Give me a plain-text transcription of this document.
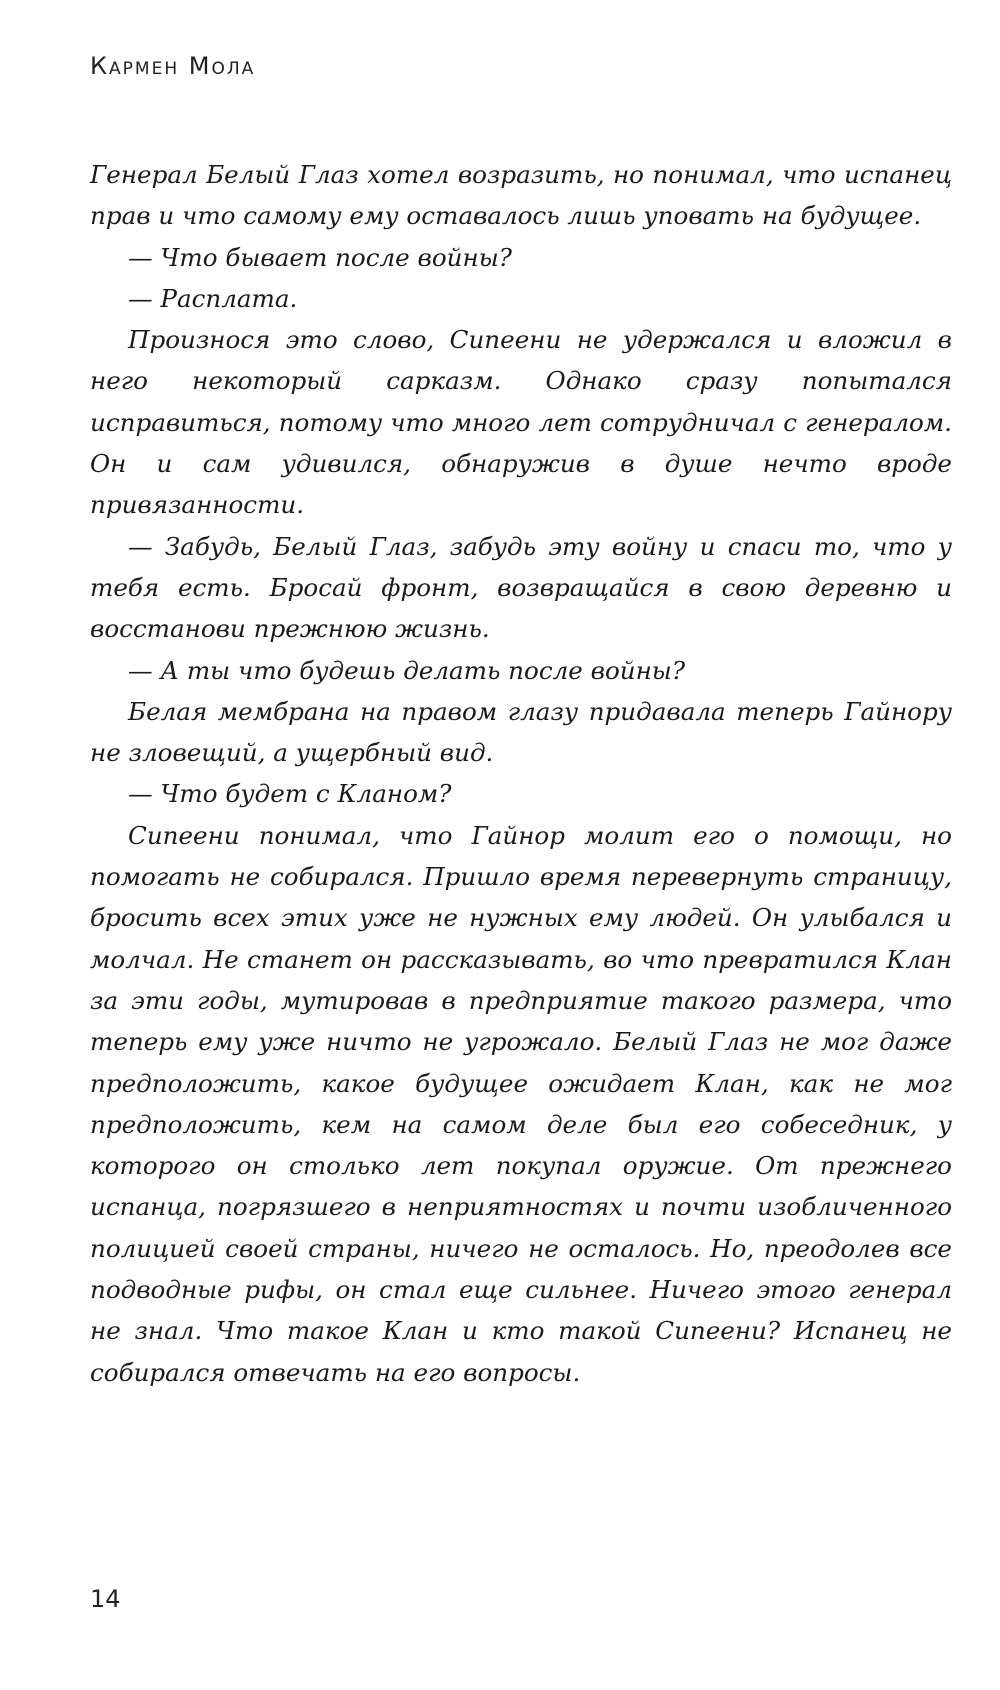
Кармен Мола

Генерал Белый Глаз хотел возразить, но понимал, что испанец прав и что самому ему оставалось лишь уповать на будущее.

— Что бывает после войны?

— Расплата.

Произнося это слово, Сипеени не удержался и вложил в него некоторый сарказм. Однако сразу попытался исправиться, потому что много лет сотрудничал с генералом. Он и сам удивился, обнаружив в душе нечто вроде привязанности.

— Забудь, Белый Глаз, забудь эту войну и спаси то, что у тебя есть. Бросай фронт, возвращайся в свою деревню и восстанови прежнюю жизнь.

— А ты что будешь делать после войны?

Белая мембрана на правом глазу придавала теперь Гайнору не зловещий, а ущербный вид.

— Что будет с Кланом?

Сипеени понимал, что Гайнор молит его о помощи, но помогать не собирался. Пришло время перевернуть страницу, бросить всех этих уже не нужных ему людей. Он улыбался и молчал. Не станет он рассказывать, во что превратился Клан за эти годы, мутировав в предприятие такого размера, что теперь ему уже ничто не угрожало. Белый Глаз не мог даже предположить, какое будущее ожидает Клан, как не мог предположить, кем на самом деле был его собеседник, у которого он столько лет покупал оружие. От прежнего испанца, погрязшего в неприятностях и почти изобличенного полицией своей страны, ничего не осталось. Но, преодолев все подводные рифы, он стал еще сильнее. Ничего этого генерал не знал. Что такое Клан и кто такой Сипеени? Испанец не собирался отвечать на его вопросы.

14
